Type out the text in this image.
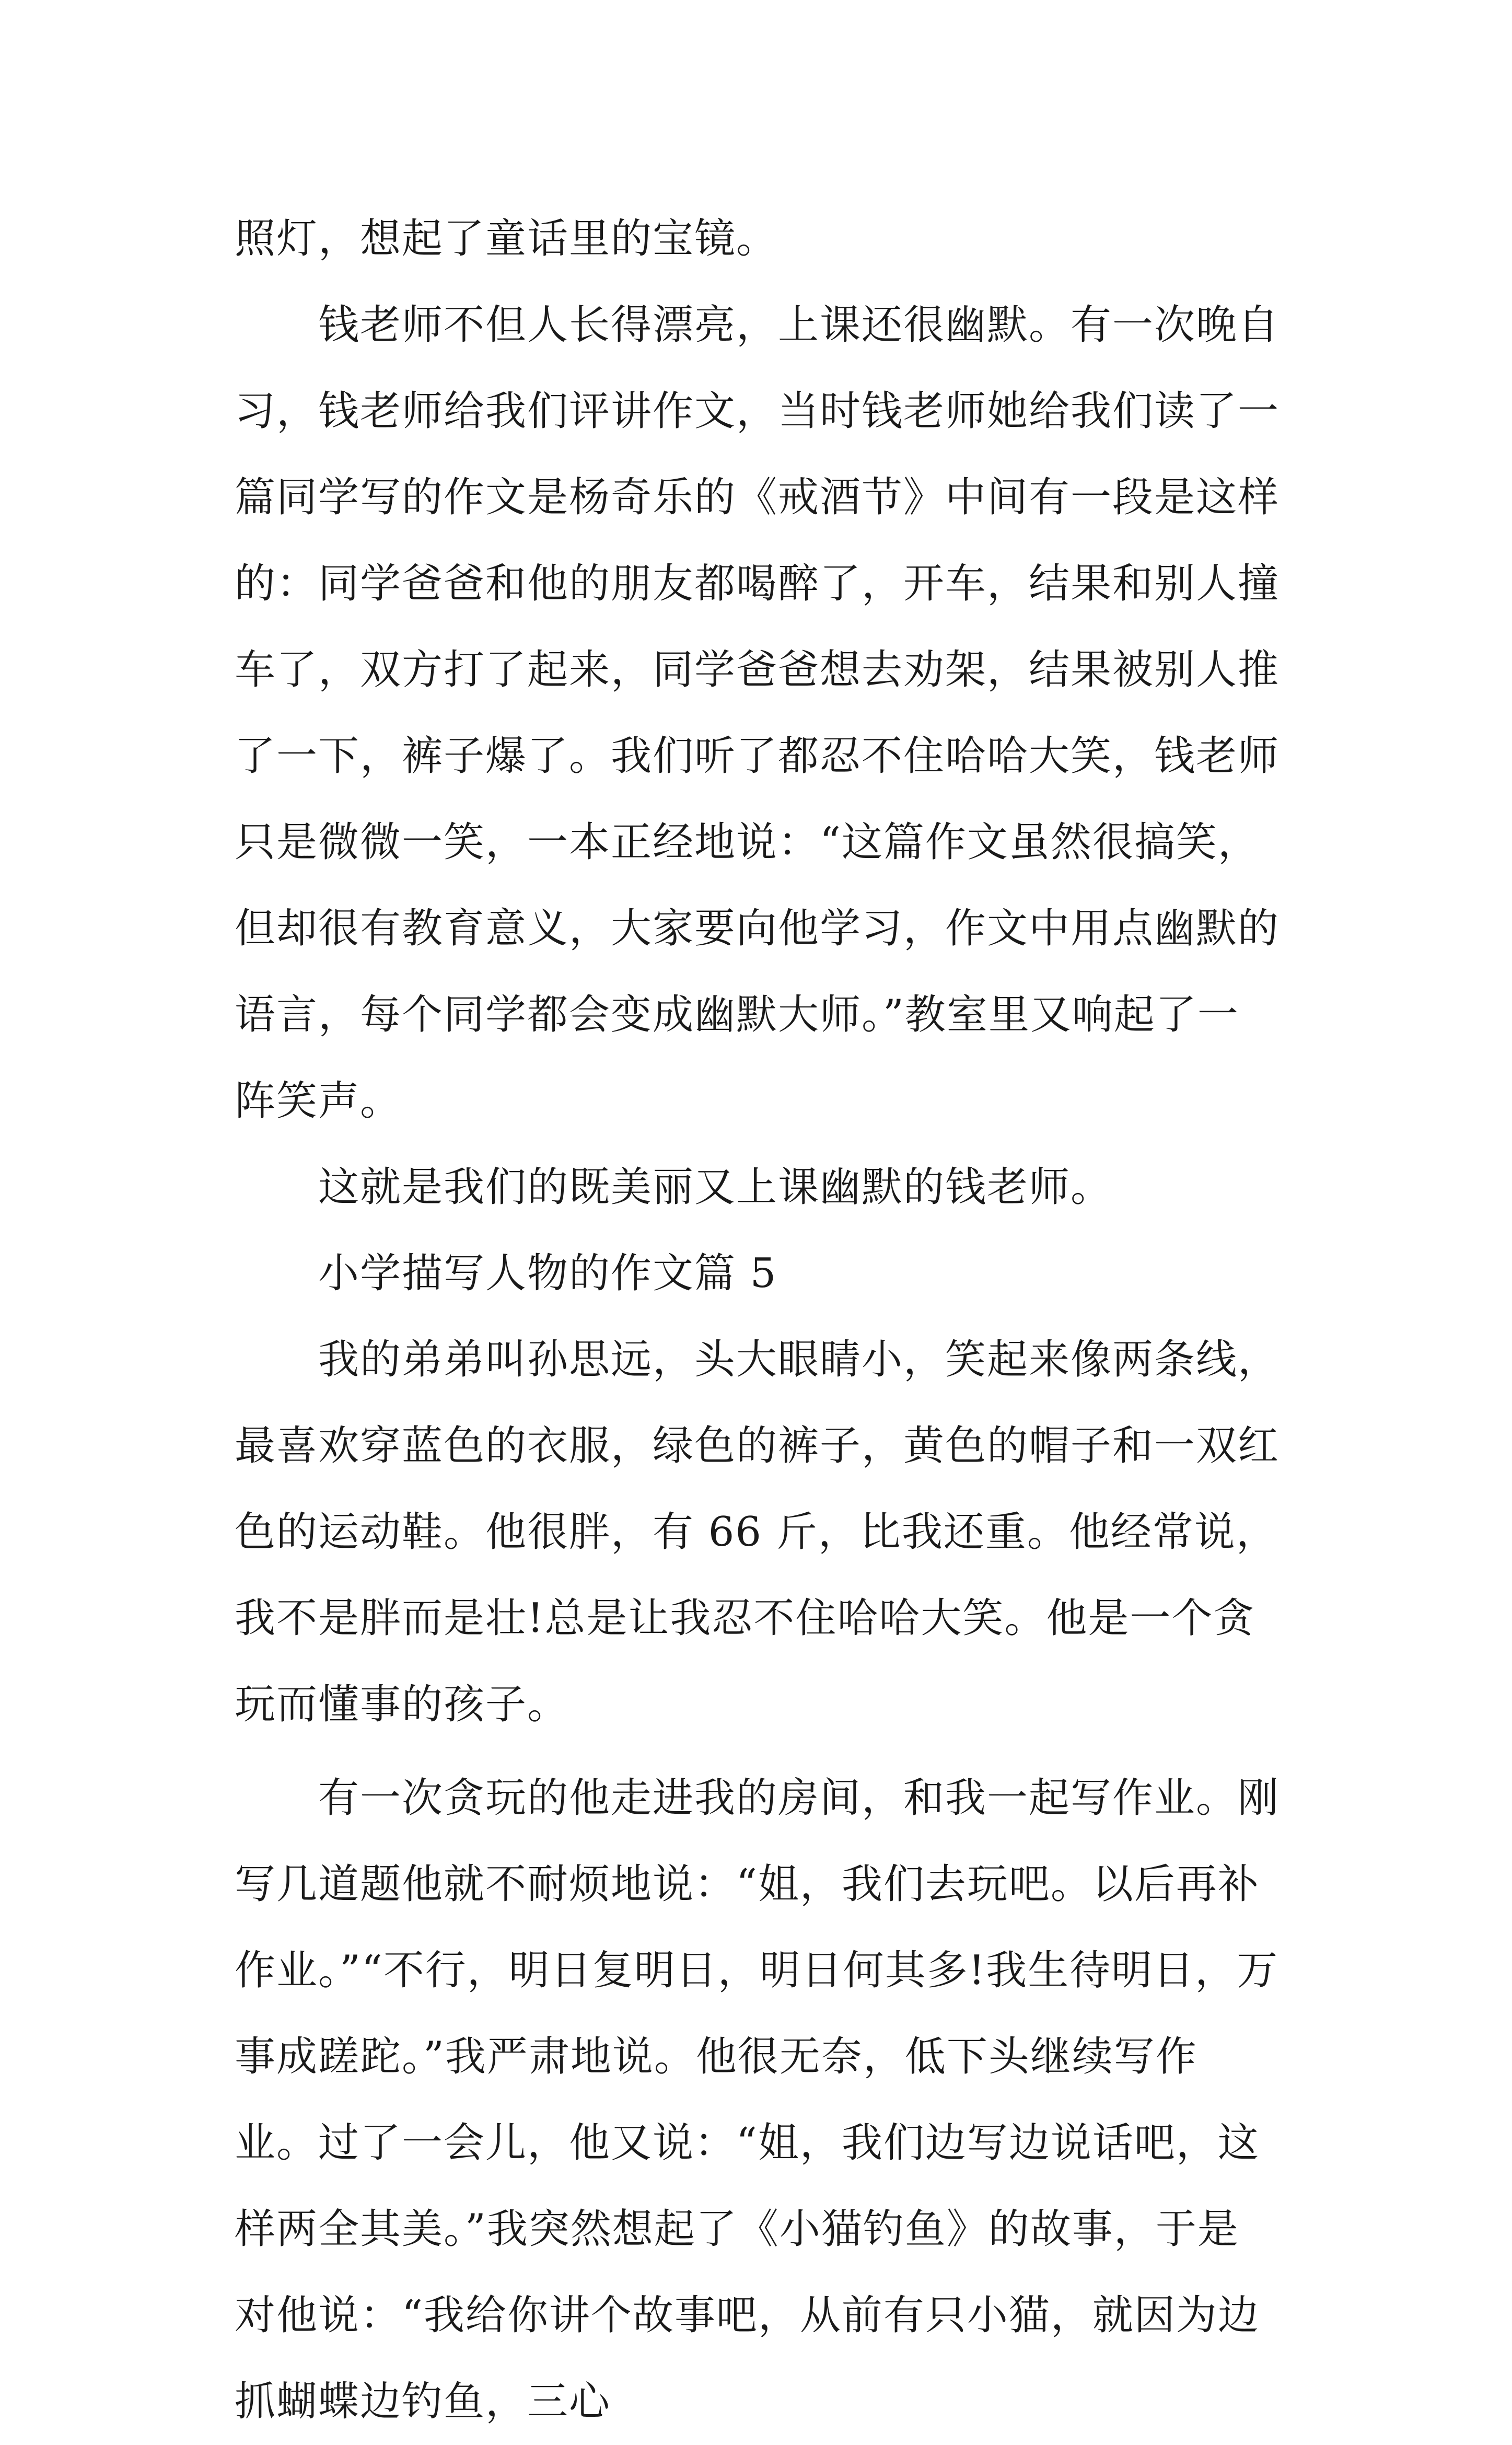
照灯，想起了童话里的宝镜。

钱老师不但人长得漂亮，上课还很幽默。有一次晚自习，钱老师给我们评讲作文，当时钱老师她给我们读了一篇同学写的作文是杨奇乐的《戒酒节》中间有一段是这样的：同学爸爸和他的朋友都喝醉了，开车，结果和别人撞车了，双方打了起来，同学爸爸想去劝架，结果被别人推了一下，裤子爆了。我们听了都忍不住哈哈大笑，钱老师只是微微一笑，一本正经地说：“这篇作文虽然很搞笑，但却很有教育意义，大家要向他学习，作文中用点幽默的语言，每个同学都会变成幽默大师。”教室里又响起了一阵笑声。

这就是我们的既美丽又上课幽默的钱老师。

小学描写人物的作文篇 5

我的弟弟叫孙思远，头大眼睛小，笑起来像两条线，最喜欢穿蓝色的衣服，绿色的裤子，黄色的帽子和一双红色的运动鞋。他很胖，有 66 斤，比我还重。他经常说，我不是胖而是壮!总是让我忍不住哈哈大笑。他是一个贪玩而懂事的孩子。

有一次贪玩的他走进我的房间，和我一起写作业。刚写几道题他就不耐烦地说：“姐，我们去玩吧。以后再补作业。”“不行，明日复明日，明日何其多!我生待明日，万事成蹉跎。”我严肃地说。他很无奈，低下头继续写作业。过了一会儿，他又说：“姐，我们边写边说话吧，这样两全其美。”我突然想起了《小猫钓鱼》的故事，于是对他说：“我给你讲个故事吧，从前有只小猫，就因为边抓蝴蝶边钓鱼，三心
